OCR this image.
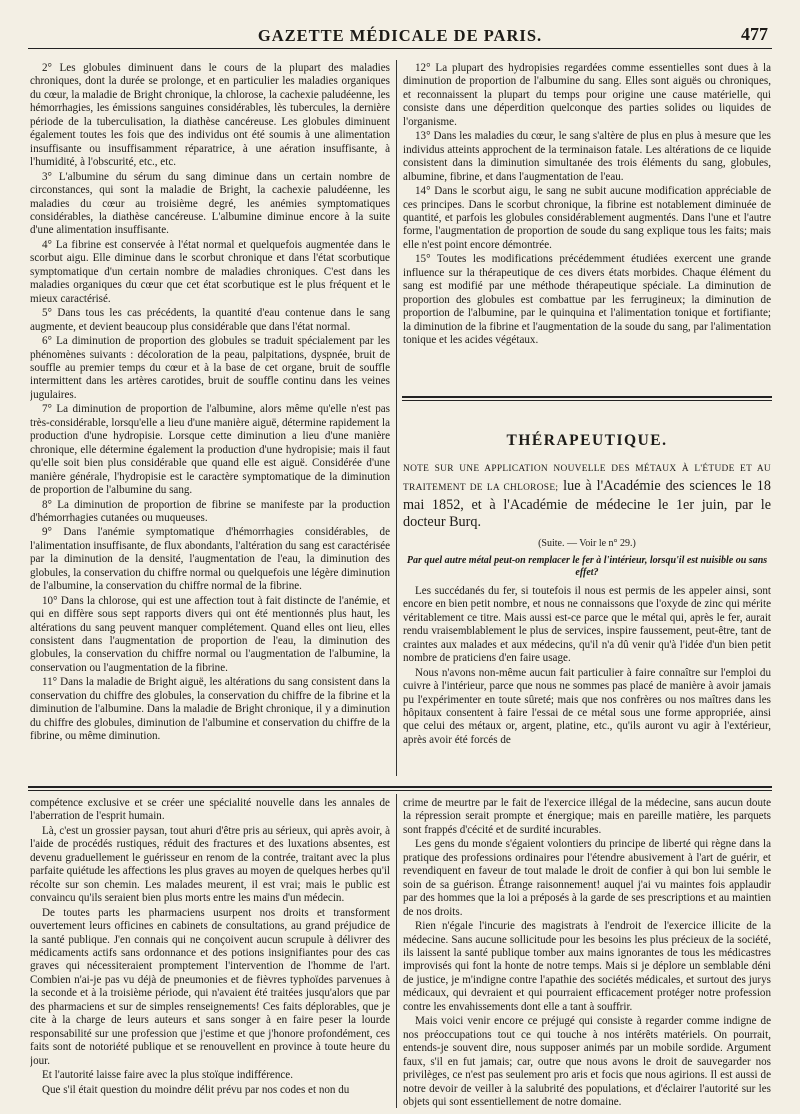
GAZETTE MÉDICALE DE PARIS.	477

2° Les globules diminuent dans le cours de la plupart des maladies chroniques, dont la durée se prolonge, et en particulier les maladies organiques du cœur, la maladie de Bright chronique, la chlorose, la cachexie paludéenne, les hémorrhagies, les émissions sanguines considérables, lès tubercules, la dernière période de la tuberculisation, la diathèse cancéreuse. Les globules diminuent également toutes les fois que des individus ont été soumis à une alimentation insuffisante ou insuffisamment réparatrice, à une aération insuffisante, à l'humidité, à l'obscurité, etc., etc.

3° L'albumine du sérum du sang diminue dans un certain nombre de circonstances, qui sont la maladie de Bright, la cachexie paludéenne, les maladies du cœur au troisième degré, les anémies symptomatiques considérables, la diathèse cancéreuse. L'albumine diminue encore à la suite d'une alimentation insuffisante.

4° La fibrine est conservée à l'état normal et quelquefois augmentée dans le scorbut aigu. Elle diminue dans le scorbut chronique et dans l'état scorbutique symptomatique d'un certain nombre de maladies chroniques. C'est dans les maladies organiques du cœur que cet état scorbutique est le plus fréquent et le mieux caractérisé.

5° Dans tous les cas précédents, la quantité d'eau contenue dans le sang augmente, et devient beaucoup plus considérable que dans l'état normal.

6° La diminution de proportion des globules se traduit spécialement par les phénomènes suivants : décoloration de la peau, palpitations, dyspnée, bruit de souffle au premier temps du cœur et à la base de cet organe, bruit de souffle intermittent dans les artères carotides, bruit de souffle continu dans les veines jugulaires.

7° La diminution de proportion de l'albumine, alors même qu'elle n'est pas très-considérable, lorsqu'elle a lieu d'une manière aiguë, détermine rapidement la production d'une hydropisie. Lorsque cette diminution a lieu d'une manière chronique, elle détermine également la production d'une hydropisie; mais il faut qu'elle soit bien plus considérable que quand elle est aiguë. Considérée d'une manière générale, l'hydropisie est le caractère symptomatique de la diminution de proportion de l'albumine du sang.

8° La diminution de proportion de fibrine se manifeste par la production d'hémorrhagies cutanées ou muqueuses.

9° Dans l'anémie symptomatique d'hémorrhagies considérables, de l'alimentation insuffisante, de flux abondants, l'altération du sang est caractérisée par la diminution de la densité, l'augmentation de l'eau, la diminution des globules, la conservation du chiffre normal ou quelquefois une légère diminution de l'albumine, la conservation du chiffre normal de la fibrine.

10° Dans la chlorose, qui est une affection tout à fait distincte de l'anémie, et qui en diffère sous sept rapports divers qui ont été mentionnés plus haut, les altérations du sang peuvent manquer complétement. Quand elles ont lieu, elles consistent dans l'augmentation de proportion de l'eau, la diminution des globules, la conservation du chiffre normal ou l'augmentation de l'albumine, la conservation ou l'augmentation de la fibrine.

11° Dans la maladie de Bright aiguë, les altérations du sang consistent dans la conservation du chiffre des globules, la conservation du chiffre de la fibrine et la diminution de l'albumine. Dans la maladie de Bright chronique, il y a diminution du chiffre des globules, diminution de l'albumine et conservation du chiffre de la fibrine, ou même diminution.

12° La plupart des hydropisies regardées comme essentielles sont dues à la diminution de proportion de l'albumine du sang. Elles sont aiguës ou chroniques, et reconnaissent la plupart du temps pour origine une cause matérielle, qui consiste dans une déperdition quelconque des parties solides ou liquides de l'organisme.

13° Dans les maladies du cœur, le sang s'altère de plus en plus à mesure que les individus atteints approchent de la terminaison fatale. Les altérations de ce liquide consistent dans la diminution simultanée des trois éléments du sang, globules, albumine, fibrine, et dans l'augmentation de l'eau.

14° Dans le scorbut aigu, le sang ne subit aucune modification appréciable de ces principes. Dans le scorbut chronique, la fibrine est notablement diminuée de quantité, et parfois les globules considérablement augmentés. Dans l'une et l'autre forme, l'augmentation de proportion de soude du sang explique tous les faits; mais elle n'est point encore démontrée.

15° Toutes les modifications précédemment étudiées exercent une grande influence sur la thérapeutique de ces divers états morbides. Chaque élément du sang est modifié par une méthode thérapeutique spéciale. La diminution de proportion des globules est combattue par les ferrugineux; la diminution de proportion de l'albumine, par le quinquina et l'alimentation tonique et fortifiante; la diminution de la fibrine et l'augmentation de la soude du sang, par l'alimentation tonique et les acides végétaux.

THÉRAPEUTIQUE.
NOTE SUR UNE APPLICATION NOUVELLE DES MÉTAUX À L'ÉTUDE ET AU TRAITEMENT DE LA CHLOROSE; lue à l'Académie des sciences le 18 mai 1852, et à l'Académie de médecine le 1er juin, par le docteur Burq.
(Suite. — Voir le n° 29.)
Par quel autre métal peut-on remplacer le fer à l'intérieur, lorsqu'il est nuisible ou sans effet?

Les succédanés du fer, si toutefois il nous est permis de les appeler ainsi, sont encore en bien petit nombre, et nous ne connaissons que l'oxyde de zinc qui mérite véritablement ce titre. Mais aussi est-ce parce que le métal qui, après le fer, aurait rendu vraisemblablement le plus de services, inspire faussement, peut-être, tant de craintes aux malades et aux médecins, qu'il n'a dû venir qu'à l'idée d'un bien petit nombre de praticiens d'en faire usage.

Nous n'avons non-même aucun fait particulier à faire connaître sur l'emploi du cuivre à l'intérieur, parce que nous ne sommes pas placé de manière à avoir jamais pu l'expérimenter en toute sûreté; mais que nos confrères ou nos maîtres dans les hôpitaux consentent à faire l'essai de ce métal sous une forme appropriée, ainsi que celui des métaux or, argent, platine, etc., qu'ils auront vu agir à l'extérieur, après avoir été forcés de

compétence exclusive et se créer une spécialité nouvelle dans les annales de l'aberration de l'esprit humain.

Là, c'est un grossier paysan, tout ahuri d'être pris au sérieux, qui après avoir, à l'aide de procédés rustiques, réduit des fractures et des luxations absentes, est devenu graduellement le guérisseur en renom de la contrée, traitant avec la plus parfaite quiétude les affections les plus graves au moyen de quelques herbes qu'il récolte sur son chemin. Les malades meurent, il est vrai; mais le public est convaincu qu'ils seraient bien plus morts entre les mains d'un médecin.

De toutes parts les pharmaciens usurpent nos droits et transforment ouvertement leurs officines en cabinets de consultations, au grand préjudice de la santé publique. J'en connais qui ne conçoivent aucun scrupule à délivrer des médicaments actifs sans ordonnance et des potions insignifiantes pour des cas graves qui nécessiteraient promptement l'intervention de l'homme de l'art. Combien n'ai-je pas vu déjà de pneumonies et de fièvres typhoïdes parvenues à la seconde et à la troisième période, qui n'avaient été traitées jusqu'alors que par des pharmaciens et sur de simples renseignements! Ces faits déplorables, que je cite à la charge de leurs auteurs et sans songer à en faire peser la lourde responsabilité sur une profession que j'estime et que j'honore profondément, ces faits sont de notoriété publique et se renouvellent en province à toute heure du jour.

Et l'autorité laisse faire avec la plus stoïque indifférence.

Que s'il était question du moindre délit prévu par nos codes et non du

crime de meurtre par le fait de l'exercice illégal de la médecine, sans aucun doute la répression serait prompte et énergique; mais en pareille matière, les parquets sont frappés d'cécité et de surdité incurables.

Les gens du monde s'égaient volontiers du principe de liberté qui règne dans la pratique des professions ordinaires pour l'étendre abusivement à l'art de guérir, et revendiquent en faveur de tout malade le droit de confier à qui bon lui semble le soin de sa guérison. Étrange raisonnement! auquel j'ai vu maintes fois applaudir par des hommes que la loi a préposés à la garde de ses prescriptions et au maintien de nos droits.

Rien n'égale l'incurie des magistrats à l'endroit de l'exercice illicite de la médecine. Sans aucune sollicitude pour les besoins les plus précieux de la société, ils laissent la santé publique tomber aux mains ignorantes de tous les médicastres improvisés qui font la honte de notre temps. Mais si je déplore un semblable déni de justice, je m'indigne contre l'apathie des sociétés médicales, et surtout des jurys médicaux, qui devraient et qui pourraient efficacement protéger notre profession contre les envahissements dont elle a tant à souffrir.

Mais voici venir encore ce préjugé qui consiste à regarder comme indigne de nos préoccupations tout ce qui touche à nos intérêts matériels. On pourrait, entends-je souvent dire, nous supposer animés par un mobile sordide. Argument faux, s'il en fut jamais; car, outre que nous avons le droit de sauvegarder nos privilèges, ce n'est pas seulement pro aris et focis que nous agirions. Il est aussi de notre devoir de veiller à la salubrité des populations, et d'éclairer l'autorité sur les objets qui sont essentiellement de notre domaine.
